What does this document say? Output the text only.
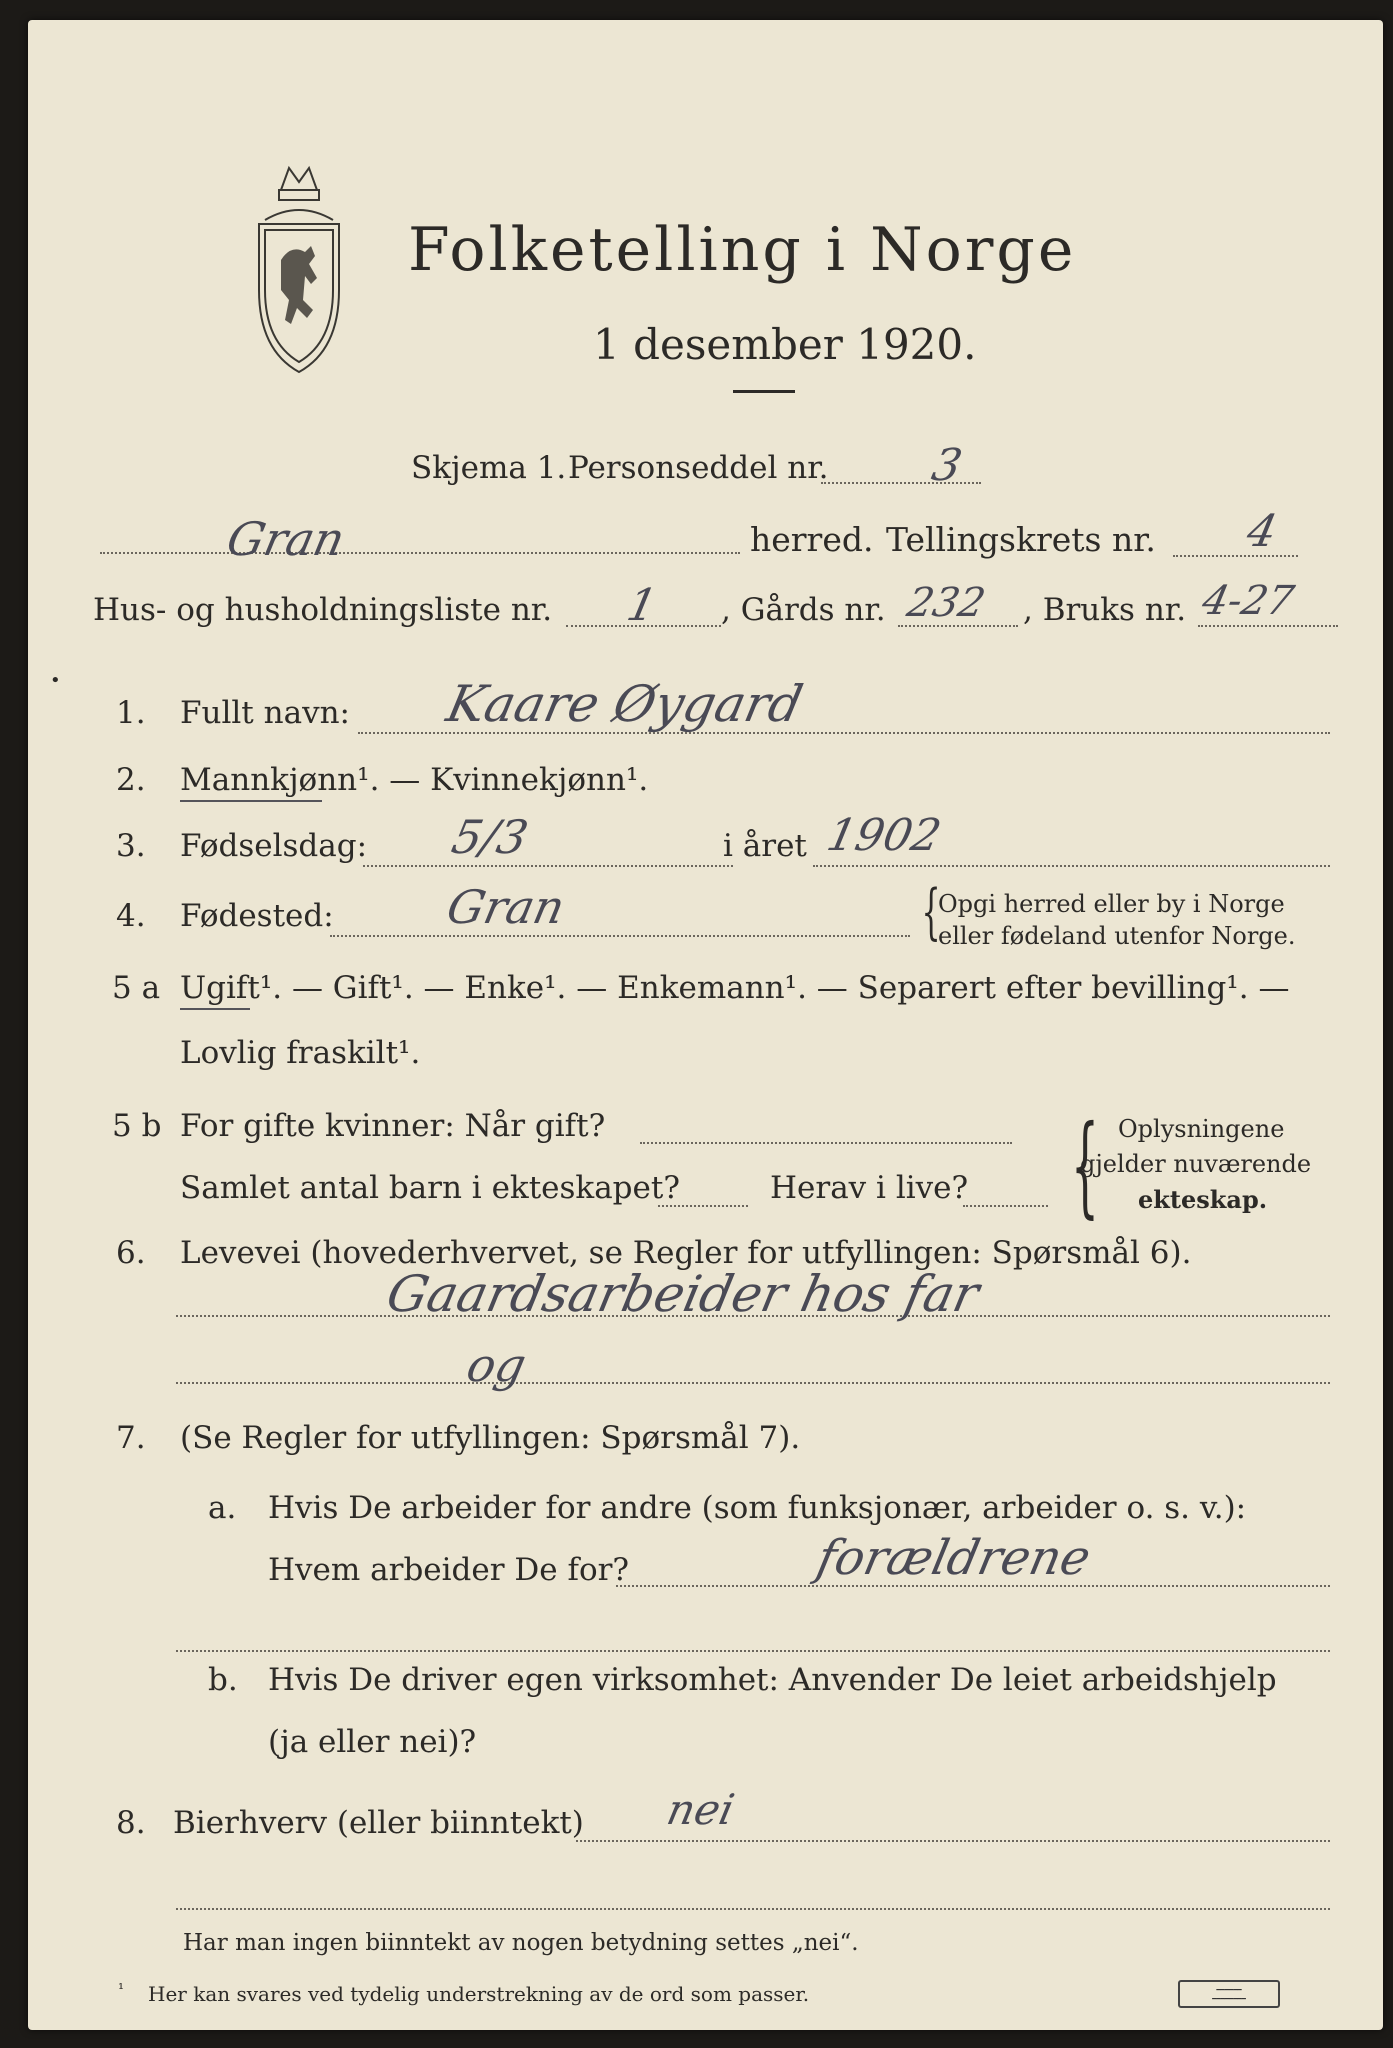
Folketelling i Norge
1 desember 1920.
Skjema 1. Personseddel nr. 3
Gran	herred. Tellingskrets nr. 4
Hus- og husholdningsliste nr. 1 , Gårds nr. 232 , Bruks nr. 4-27
•
1. Fullt navn: Kaare Øygard
2. Mannkjønn¹. — Kvinnekjønn¹.
3. Fødselsdag: 5/3	i året 1902
4. Fødested: Gran	{
Opgi herred eller by i Norge
eller fødeland utenfor Norge.
5 a Ugift¹. — Gift¹. — Enke¹. — Enkemann¹. — Separert efter bevilling¹. —
Lovlig fraskilt¹.
5 b For gifte kvinner: Når gift?
Samlet antal barn i ekteskapet?	Herav i live? { Oplysningene
gjelder nuværende
ekteskap.
6. Levevei (hovederhvervet, se Regler for utfyllingen: Spørsmål 6).
Gaardsarbeider hos far
og
7. (Se Regler for utfyllingen: Spørsmål 7).
a. Hvis De arbeider for andre (som funksjonær, arbeider o. s. v.):
Hvem arbeider De for?	forældrene
b. Hvis De driver egen virksomhet: Anvender De leiet arbeidshjelp
(ja eller nei)?
8. Bierhverv (eller biinntekt) nei
Har man ingen biinntekt av nogen betydning settes „nei“.
¹ Her kan svares ved tydelig understrekning av de ord som passer.	━━━━━━
━━━━━━━━
